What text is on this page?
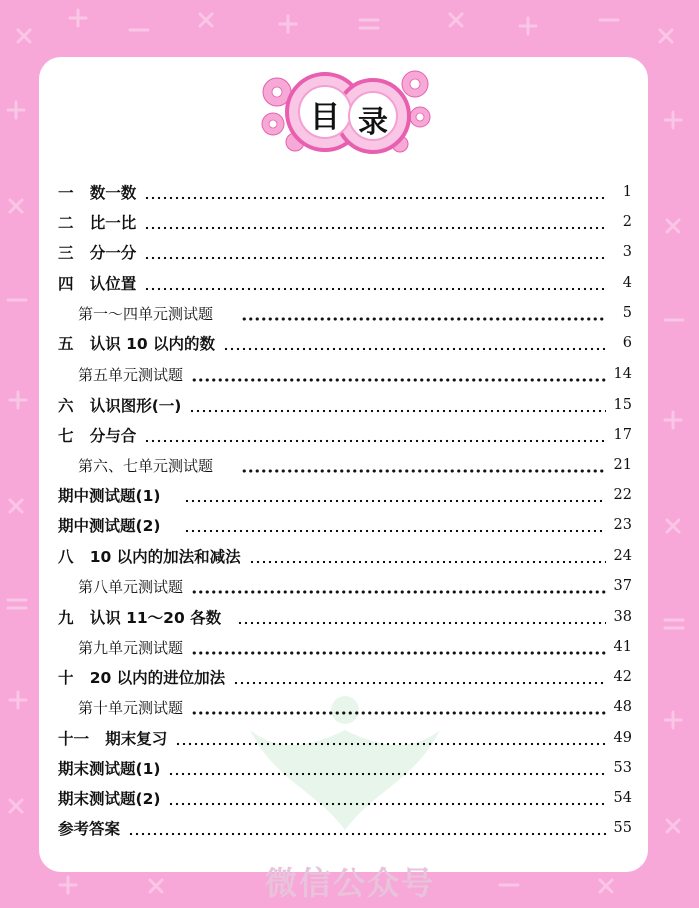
微信公众号
目 录
一   数一数	1
二   比一比	2
三   分一分	3
四   认位置	4
第一～四单元测试题	5
五   认识 10 以内的数	6
第五单元测试题	14
六   认识图形(一)	15
七   分与合	17
第六、七单元测试题	21
期中测试题(1)	22
期中测试题(2)	23
八   10 以内的加法和减法	24
第八单元测试题	37
九   认识 11～20 各数	38
第九单元测试题	41
十   20 以内的进位加法	42
第十单元测试题	48
十一   期末复习	49
期末测试题(1)	53
期末测试题(2)	54
参考答案	55
